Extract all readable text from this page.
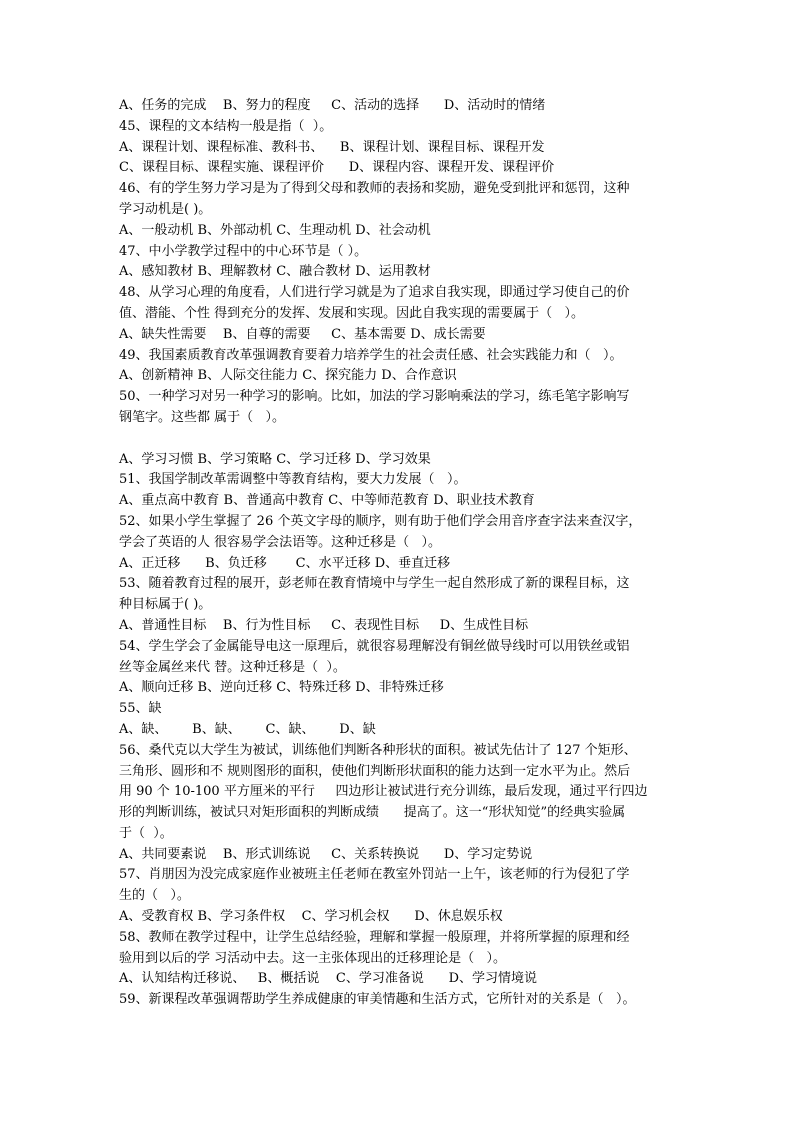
A、任务的完成    B、努力的程度     C、活动的选择      D、活动时的情绪
45、课程的文本结构一般是指（  ）。
A、课程计划、课程标准、教科书、    B、课程计划、课程目标、课程开发
C、课程目标、课程实施、课程评价      D、课程内容、课程开发、课程评价
46、有的学生努力学习是为了得到父母和教师的表扬和奖励，避免受到批评和惩罚，这种
学习动机是( )。
A、一般动机 B、外部动机 C、生理动机 D、社会动机
47、中小学教学过程中的中心环节是（ ）。
A、感知教材 B、理解教材 C、融合教材 D、运用教材
48、从学习心理的角度看，人们进行学习就是为了追求自我实现，即通过学习使自己的价
值、潜能、个性 得到充分的发挥、发展和实现。因此自我实现的需要属于（   ）。
A、缺失性需要    B、自尊的需要     C、基本需要 D、成长需要
49、我国素质教育改革强调教育要着力培养学生的社会责任感、社会实践能力和（   ）。
A、创新精神 B、人际交往能力 C、探究能力 D、合作意识
50、一种学习对另一种学习的影响。比如，加法的学习影响乘法的学习，练毛笔字影响写
钢笔字。这些都 属于（   ）。
A、学习习惯 B、学习策略 C、学习迁移 D、学习效果
51、我国学制改革需调整中等教育结构，要大力发展（   ）。
A、重点高中教育 B、普通高中教育 C、中等师范教育 D、职业技术教育
52、如果小学生掌握了 26 个英文字母的顺序，则有助于他们学会用音序查字法来查汉字，
学会了英语的人 很容易学会法语等。这种迁移是（   ）。
A、正迁移      B、负迁移       C、水平迁移 D、垂直迁移
53、随着教育过程的展开，彭老师在教育情境中与学生一起自然形成了新的课程目标，这
种目标属于( )。
A、普通性目标    B、行为性目标     C、表现性目标     D、生成性目标
54、学生学会了金属能导电这一原理后，就很容易理解没有铜丝做导线时可以用铁丝或铝
丝等金属丝来代 替。这种迁移是（  ）。
A、顺向迁移 B、逆向迁移 C、特殊迁移 D、非特殊迁移
55、缺
A、缺、      B、缺、      C、缺、      D、缺
56、桑代克以大学生为被试，训练他们判断各种形状的面积。被试先估计了 127 个矩形、
三角形、圆形和不 规则图形的面积，使他们判断形状面积的能力达到一定水平为止。然后
用 90 个 10-100 平方厘米的平行     四边形让被试进行充分训练，最后发现，通过平行四边
形的判断训练，被试只对矩形面积的判断成绩      提高了。这一“形状知觉”的经典实验属
于（  ）。
A、共同要素说    B、形式训练说     C、关系转换说      D、学习定势说
57、肖朋因为没完成家庭作业被班主任老师在教室外罚站一上午，该老师的行为侵犯了学
生的（   ）。
A、受教育权 B、学习条件权    C、学习机会权      D、休息娱乐权
58、教师在教学过程中，让学生总结经验，理解和掌握一般原理，并将所掌握的原理和经
验用到以后的学 习活动中去。这一主张体现出的迁移理论是（   ）。
A、认知结构迁移说、   B、概括说    C、学习准备说      D、学习情境说
59、新课程改革强调帮助学生养成健康的审美情趣和生活方式，它所针对的关系是（   ）。
